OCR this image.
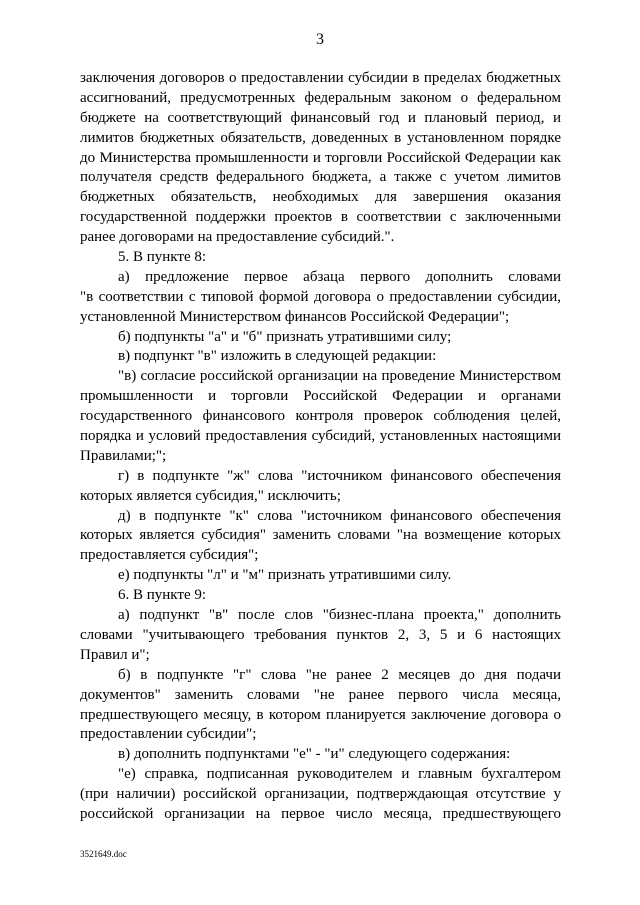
3
заключения договоров о предоставлении субсидии в пределах бюджетных
ассигнований, предусмотренных федеральным законом о федеральном
бюджете на соответствующий финансовый год и плановый период, и
лимитов бюджетных обязательств, доведенных в установленном порядке
до Министерства промышленности и торговли Российской Федерации как
получателя средств федерального бюджета, а также с учетом лимитов
бюджетных обязательств, необходимых для завершения оказания
государственной поддержки проектов в соответствии с заключенными
ранее договорами на предоставление субсидий.".
5. В пункте 8:
а) предложение первое абзаца первого дополнить словами
"в соответствии с типовой формой договора о предоставлении субсидии,
установленной Министерством финансов Российской Федерации";
б) подпункты "а" и "б" признать утратившими силу;
в) подпункт "в" изложить в следующей редакции:
"в) согласие российской организации на проведение Министерством
промышленности и торговли Российской Федерации и органами
государственного финансового контроля проверок соблюдения целей,
порядка и условий предоставления субсидий, установленных настоящими
Правилами;";
г) в подпункте "ж" слова "источником финансового обеспечения
которых является субсидия," исключить;
д) в подпункте "к" слова "источником финансового обеспечения
которых является субсидия" заменить словами "на возмещение которых
предоставляется субсидия";
е) подпункты "л" и "м" признать утратившими силу.
6. В пункте 9:
а) подпункт "в" после слов "бизнес-плана проекта," дополнить
словами "учитывающего требования пунктов 2, 3, 5 и 6 настоящих
Правил и";
б) в подпункте "г" слова "не ранее 2 месяцев до дня подачи
документов" заменить словами "не ранее первого числа месяца,
предшествующего месяцу, в котором планируется заключение договора о
предоставлении субсидии";
в) дополнить подпунктами "е" - "и" следующего содержания:
"е) справка, подписанная руководителем и главным бухгалтером
(при наличии) российской организации, подтверждающая отсутствие у
российской организации на первое число месяца, предшествующего
3521649.doc
